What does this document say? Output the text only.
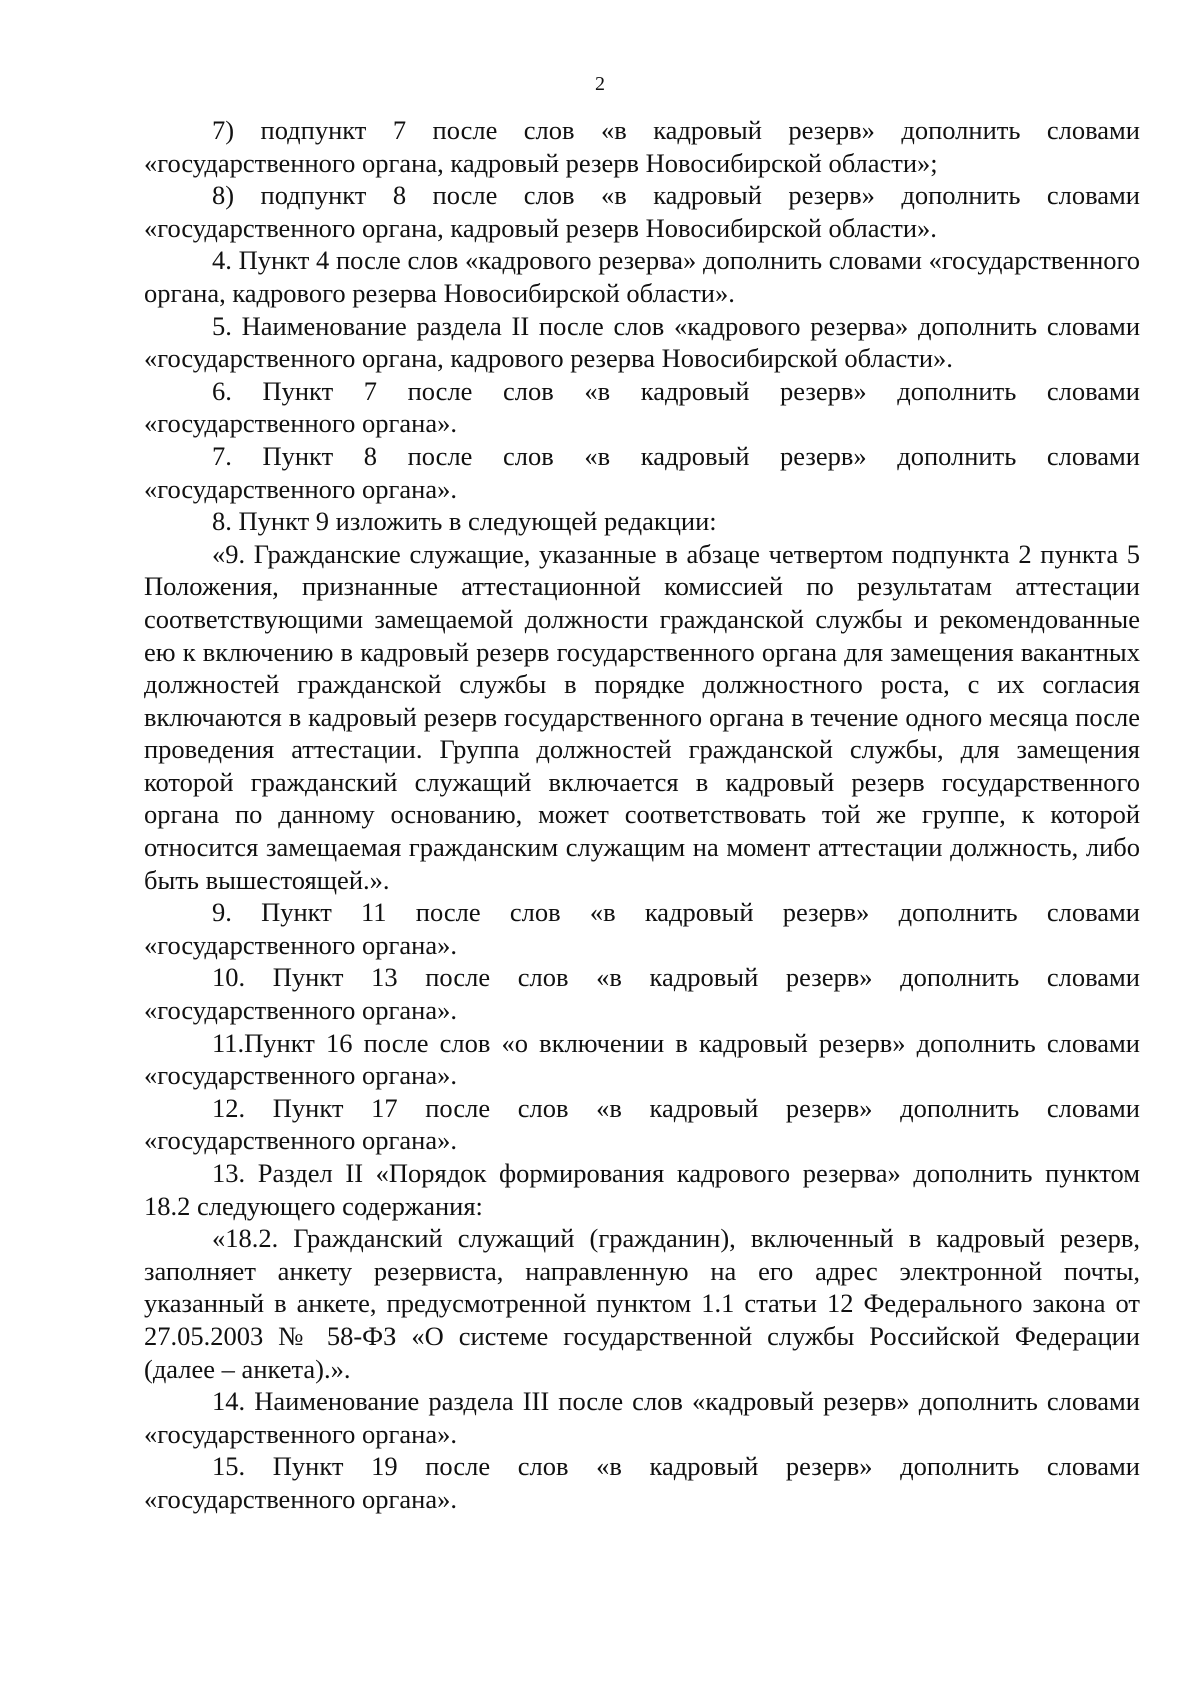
2

7) подпункт 7 после слов «в кадровый резерв» дополнить словами «государственного органа, кадровый резерв Новосибирской области»;

8) подпункт 8 после слов «в кадровый резерв» дополнить словами «государственного органа, кадровый резерв Новосибирской области».

4. Пункт 4 после слов «кадрового резерва» дополнить словами «государственного органа, кадрового резерва Новосибирской области».

5. Наименование раздела II после слов «кадрового резерва» дополнить словами «государственного органа, кадрового резерва Новосибирской области».

6. Пункт 7 после слов «в кадровый резерв» дополнить словами «государственного органа».

7. Пункт 8 после слов «в кадровый резерв» дополнить словами «государственного органа».

8. Пункт 9 изложить в следующей редакции:

«9. Гражданские служащие, указанные в абзаце четвертом подпункта 2 пункта 5 Положения, признанные аттестационной комиссией по результатам аттестации соответствующими замещаемой должности гражданской службы и рекомендованные ею к включению в кадровый резерв государственного органа для замещения вакантных должностей гражданской службы в порядке должностного роста, с их согласия включаются в кадровый резерв государственного органа в течение одного месяца после проведения аттестации. Группа должностей гражданской службы, для замещения которой гражданский служащий включается в кадровый резерв государственного органа по данному основанию, может соответствовать той же группе, к которой относится замещаемая гражданским служащим на момент аттестации должность, либо быть вышестоящей.».

9. Пункт 11 после слов «в кадровый резерв» дополнить словами «государственного органа».

10. Пункт 13 после слов «в кадровый резерв» дополнить словами «государственного органа».

11.Пункт 16 после слов «о включении в кадровый резерв» дополнить словами «государственного органа».

12. Пункт 17 после слов «в кадровый резерв» дополнить словами «государственного органа».

13. Раздел II «Порядок формирования кадрового резерва» дополнить пунктом 18.2 следующего содержания:

«18.2. Гражданский служащий (гражданин), включенный в кадровый резерв, заполняет анкету резервиста, направленную на его адрес электронной почты, указанный в анкете, предусмотренной пунктом 1.1 статьи 12 Федерального закона от 27.05.2003 № 58-ФЗ «О системе государственной службы Российской Федерации (далее – анкета).».

14. Наименование раздела III после слов «кадровый резерв» дополнить словами «государственного органа».

15. Пункт 19 после слов «в кадровый резерв» дополнить словами «государственного органа».
